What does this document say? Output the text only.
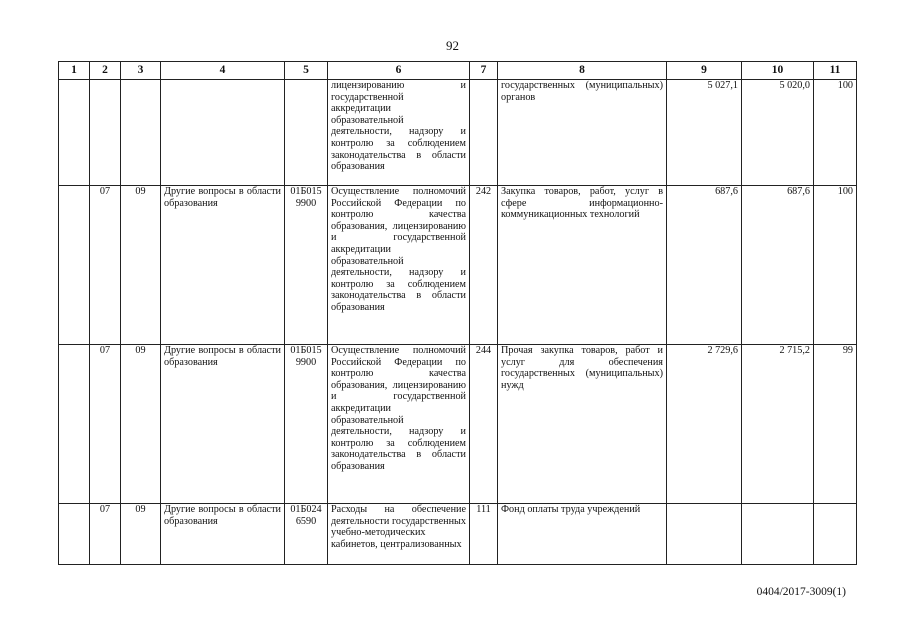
92
1	2	3	4	5	6	7	8	9	10	11
					лицензированию и государственной аккредитации образовательной деятельности, надзору и контролю за соблюдением законодательства в области образования		государственных (муниципальных) органов	5 027,1	5 020,0	100
	07	09	Другие вопросы в области образования	01Б015 9900	Осуществление полномочий Российской Федерации по контролю качества образования, лицензированию и государственной аккредитации образовательной деятельности, надзору и контролю за соблюдением законодательства в области образования	242	Закупка товаров, работ, услуг в сфере информационно-коммуникационных технологий	687,6	687,6	100
	07	09	Другие вопросы в области образования	01Б015 9900	Осуществление полномочий Российской Федерации по контролю качества образования, лицензированию и государственной аккредитации образовательной деятельности, надзору и контролю за соблюдением законодательства в области образования	244	Прочая закупка товаров, работ и услуг для обеспечения государственных (муниципальных) нужд	2 729,6	2 715,2	99
	07	09	Другие вопросы в области образования	01Б024 6590	Расходы на обеспечение деятельности государственных учебно-методических кабинетов, централизованных	111	Фонд оплаты труда учреждений			
0404/2017-3009(1)
